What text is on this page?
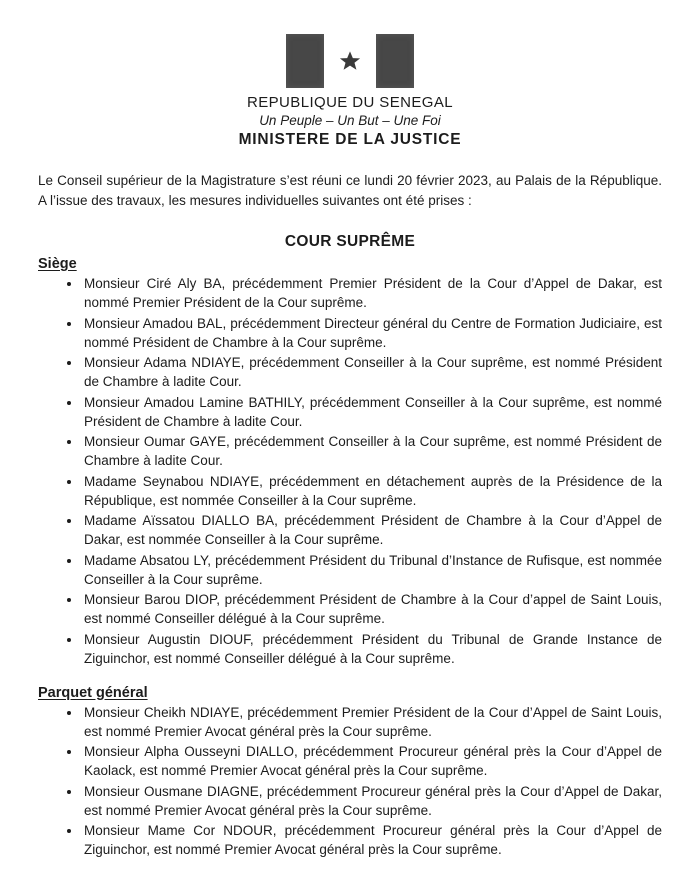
REPUBLIQUE DU SENEGAL
Un Peuple – Un But – Une Foi
MINISTERE DE LA JUSTICE

Le Conseil supérieur de la Magistrature s’est réuni ce lundi 20 février 2023, au Palais de la République. A l’issue des travaux, les mesures individuelles suivantes ont été prises :

COUR SUPRÊME
Siège
• Monsieur Ciré Aly BA, précédemment Premier Président de la Cour d’Appel de Dakar, est nommé Premier Président de la Cour suprême.
• Monsieur Amadou BAL, précédemment Directeur général du Centre de Formation Judiciaire, est nommé Président de Chambre à la Cour suprême.
• Monsieur Adama NDIAYE, précédemment Conseiller à la Cour suprême, est nommé Président de Chambre à ladite Cour.
• Monsieur Amadou Lamine BATHILY, précédemment Conseiller à la Cour suprême, est nommé Président de Chambre à ladite Cour.
• Monsieur Oumar GAYE, précédemment Conseiller à la Cour suprême, est nommé Président de Chambre à ladite Cour.
• Madame Seynabou NDIAYE, précédemment en détachement auprès de la Présidence de la République, est nommée Conseiller à la Cour suprême.
• Madame Aïssatou DIALLO BA, précédemment Président de Chambre à la Cour d’Appel de Dakar, est nommée Conseiller à la Cour suprême.
• Madame Absatou LY, précédemment Président du Tribunal d’Instance de Rufisque, est nommée Conseiller à la Cour suprême.
• Monsieur Barou DIOP, précédemment Président de Chambre à la Cour d’appel de Saint Louis, est nommé Conseiller délégué à la Cour suprême.
• Monsieur Augustin DIOUF, précédemment Président du Tribunal de Grande Instance de Ziguinchor, est nommé Conseiller délégué à la Cour suprême.
Parquet général
• Monsieur Cheikh NDIAYE, précédemment Premier Président de la Cour d’Appel de Saint Louis, est nommé Premier Avocat général près la Cour suprême.
• Monsieur Alpha Ousseyni DIALLO, précédemment Procureur général près la Cour d’Appel de Kaolack, est nommé Premier Avocat général près la Cour suprême.
• Monsieur Ousmane DIAGNE, précédemment Procureur général près la Cour d’Appel de Dakar, est nommé Premier Avocat général près la Cour suprême.
• Monsieur Mame Cor NDOUR, précédemment Procureur général près la Cour d’Appel de Ziguinchor, est nommé Premier Avocat général près la Cour suprême.
